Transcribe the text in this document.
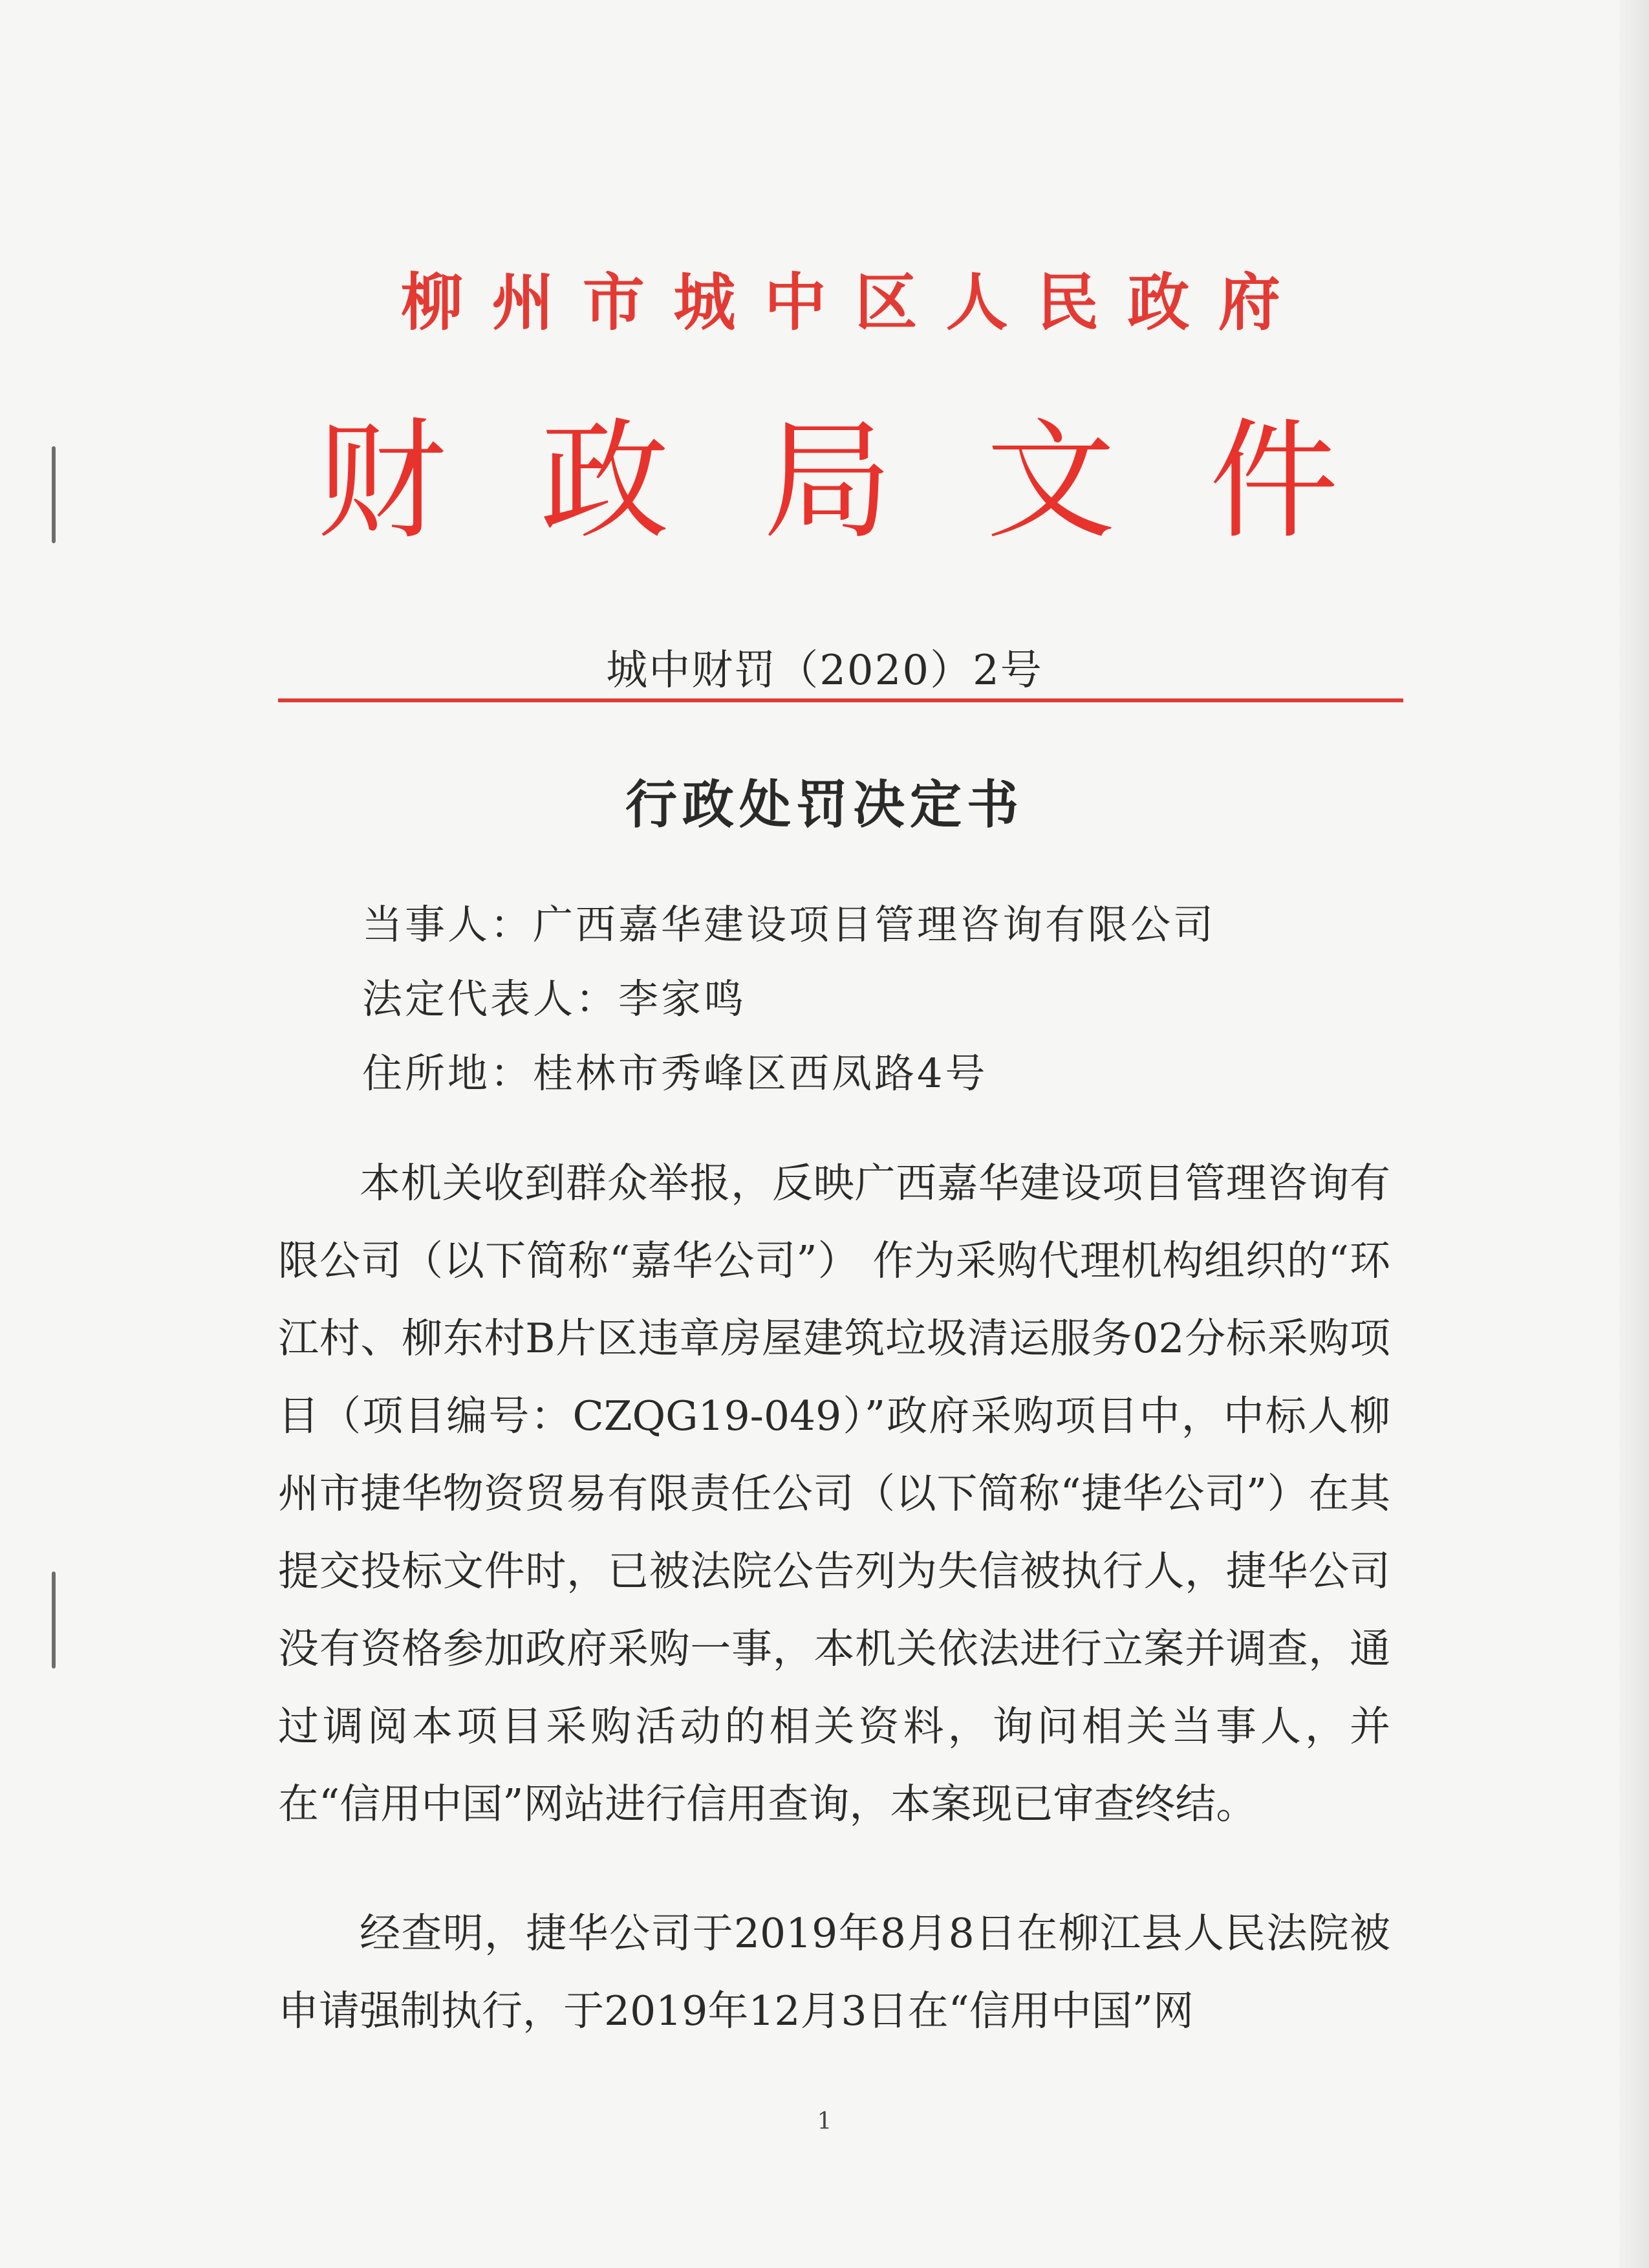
柳 州 市 城 中 区 人 民 政 府
财 政 局 文 件
城中财罚（2020）2号
行政处罚决定书
当事人：广西嘉华建设项目管理咨询有限公司
法定代表人：李家鸣
住所地：桂林市秀峰区西凤路4号

本机关收到群众举报，反映广西嘉华建设项目管理咨询有限公司（以下简称“嘉华公司”） 作为采购代理机构组织的“环江村、柳东村B片区违章房屋建筑垃圾清运服务02分标采购项目（项目编号：CZQG19-049）”政府采购项目中，中标人柳州市捷华物资贸易有限责任公司（以下简称“捷华公司”）在其提交投标文件时，已被法院公告列为失信被执行人，捷华公司没有资格参加政府采购一事，本机关依法进行立案并调查，通过调阅本项目采购活动的相关资料，询问相关当事人，并在“信用中国”网站进行信用查询，本案现已审查终结。

经查明，捷华公司于2019年8月8日在柳江县人民法院被申请强制执行，于2019年12月3日在“信用中国”网

1
